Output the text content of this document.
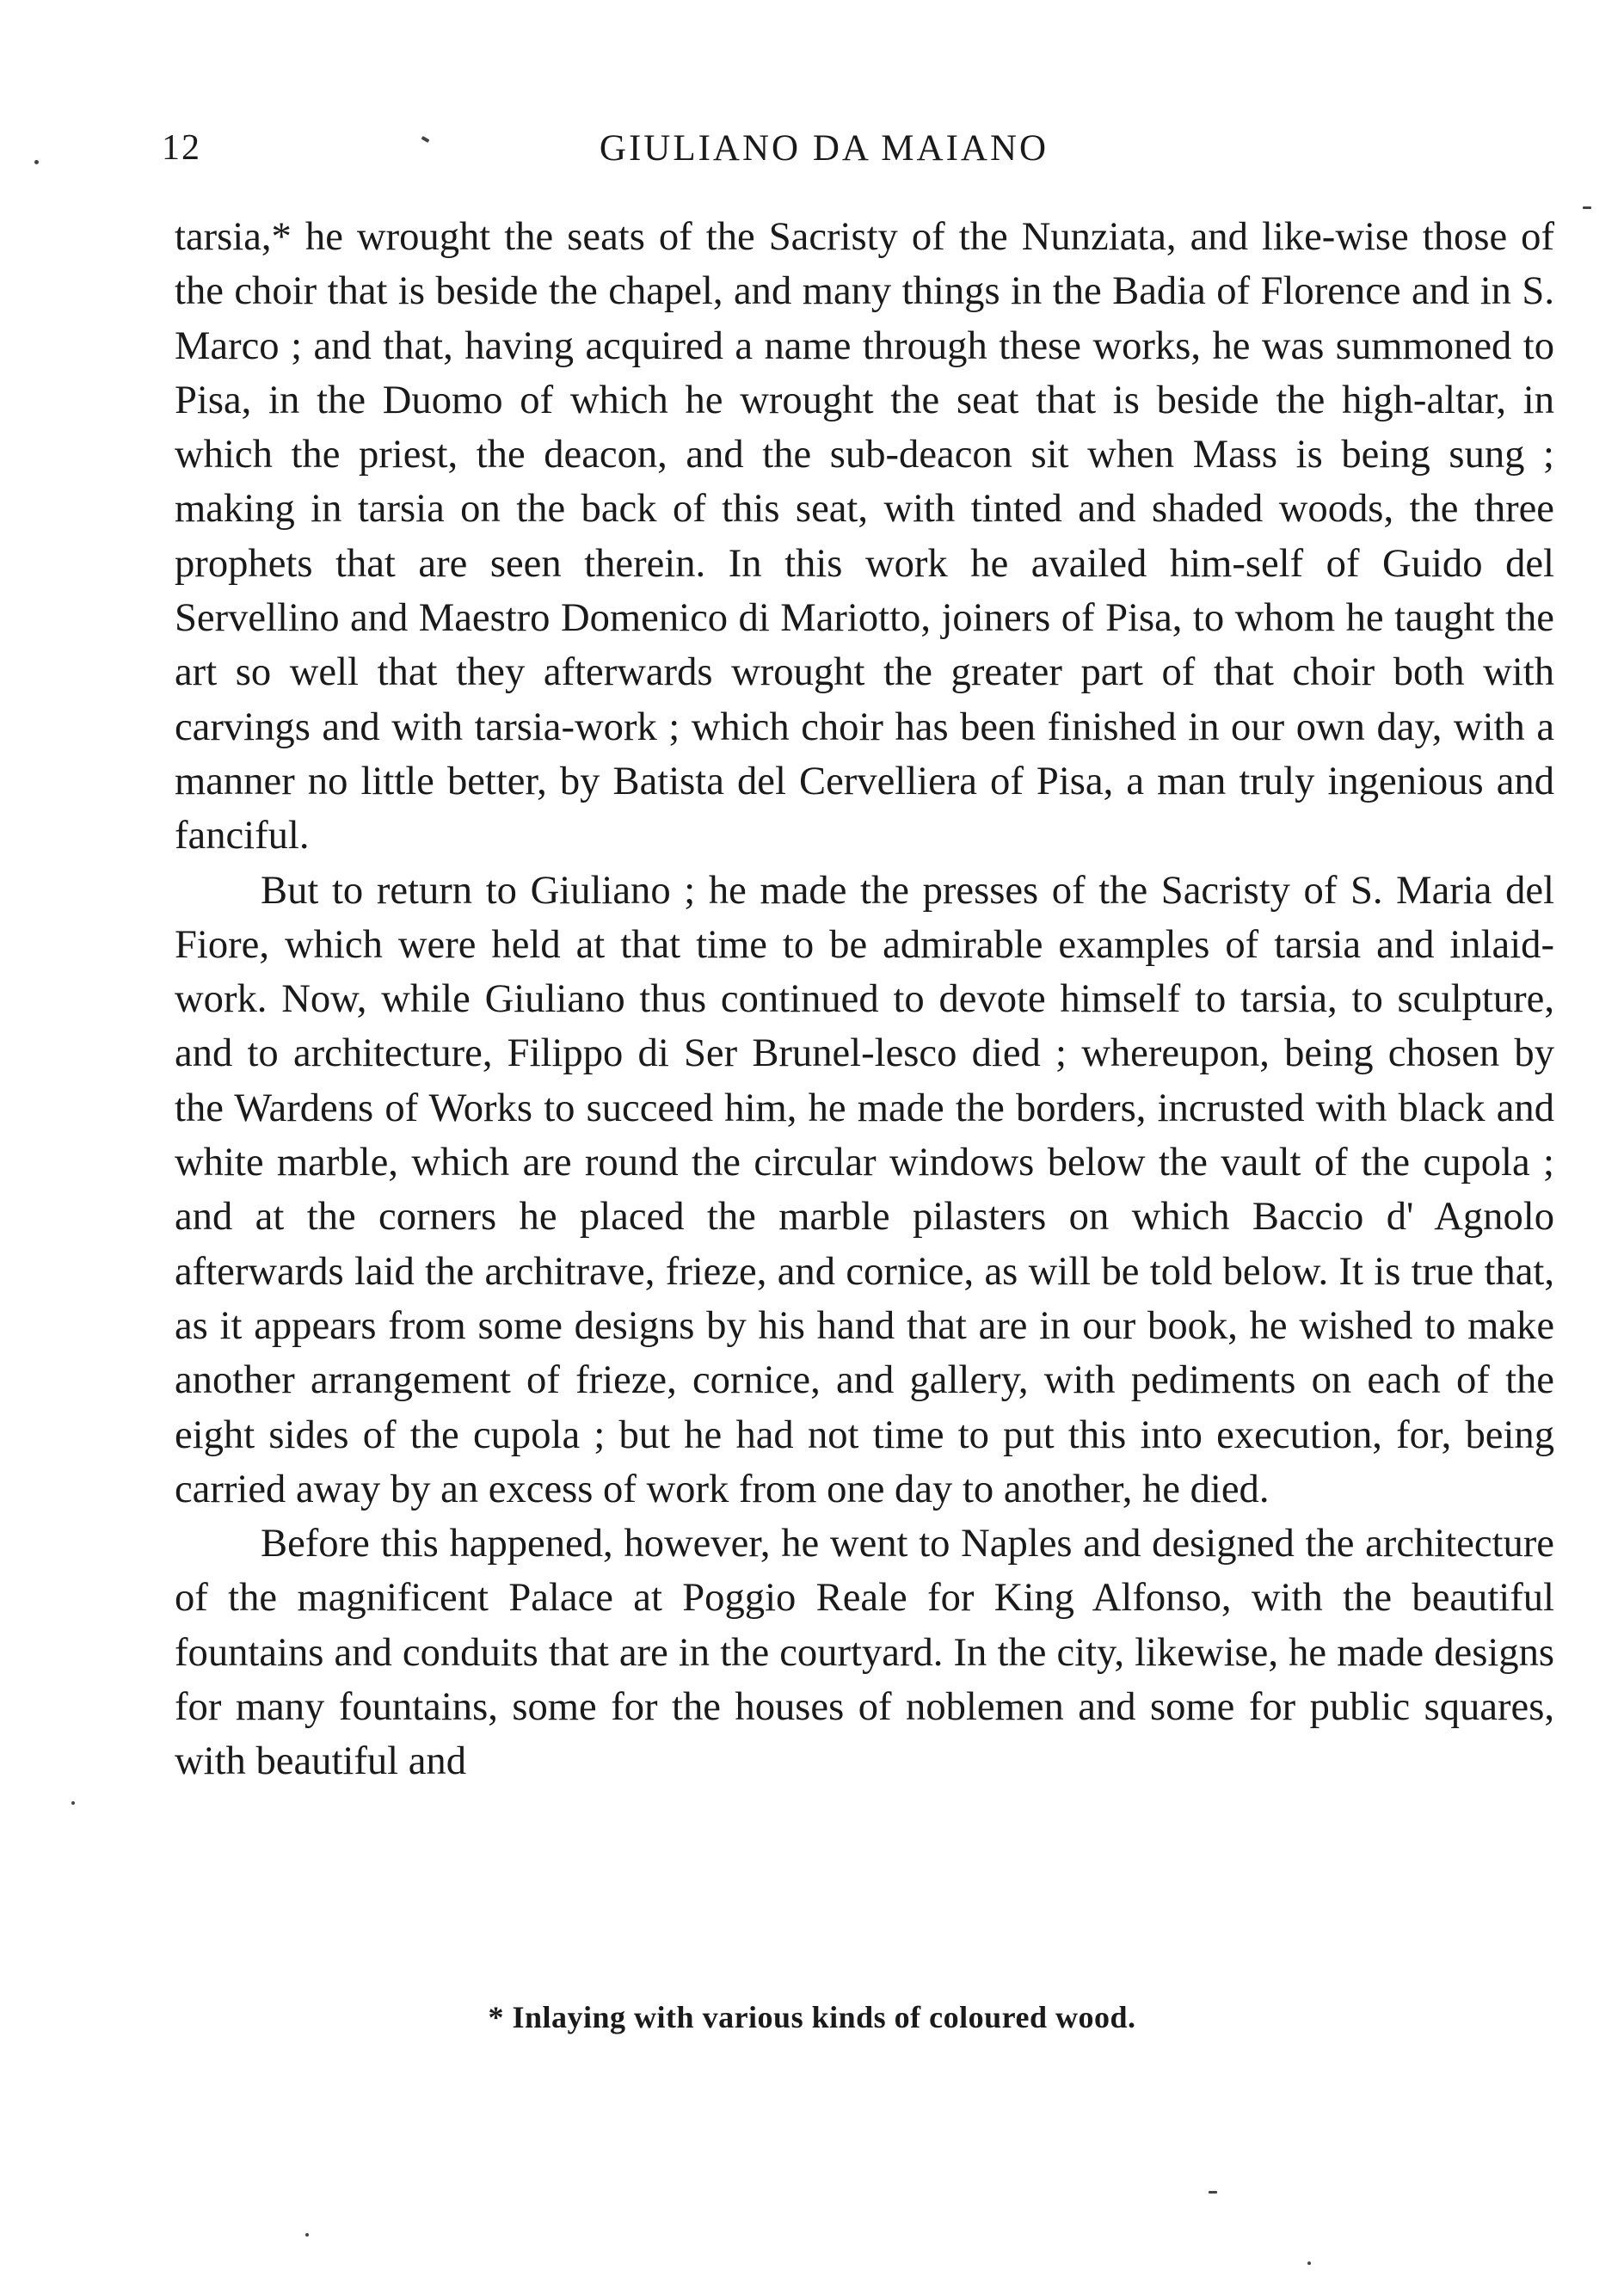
12	GIULIANO DA MAIANO

tarsia,* he wrought the seats of the Sacristy of the Nunziata, and like-wise those of the choir that is beside the chapel, and many things in the Badia of Florence and in S. Marco ; and that, having acquired a name through these works, he was summoned to Pisa, in the Duomo of which he wrought the seat that is beside the high-altar, in which the priest, the deacon, and the sub-deacon sit when Mass is being sung ; making in tarsia on the back of this seat, with tinted and shaded woods, the three prophets that are seen therein. In this work he availed him-self of Guido del Servellino and Maestro Domenico di Mariotto, joiners of Pisa, to whom he taught the art so well that they afterwards wrought the greater part of that choir both with carvings and with tarsia-work ; which choir has been finished in our own day, with a manner no little better, by Batista del Cervelliera of Pisa, a man truly ingenious and fanciful.

But to return to Giuliano ; he made the presses of the Sacristy of S. Maria del Fiore, which were held at that time to be admirable examples of tarsia and inlaid-work. Now, while Giuliano thus continued to devote himself to tarsia, to sculpture, and to architecture, Filippo di Ser Brunel-lesco died ; whereupon, being chosen by the Wardens of Works to succeed him, he made the borders, incrusted with black and white marble, which are round the circular windows below the vault of the cupola ; and at the corners he placed the marble pilasters on which Baccio d' Agnolo afterwards laid the architrave, frieze, and cornice, as will be told below. It is true that, as it appears from some designs by his hand that are in our book, he wished to make another arrangement of frieze, cornice, and gallery, with pediments on each of the eight sides of the cupola ; but he had not time to put this into execution, for, being carried away by an excess of work from one day to another, he died.

Before this happened, however, he went to Naples and designed the architecture of the magnificent Palace at Poggio Reale for King Alfonso, with the beautiful fountains and conduits that are in the courtyard. In the city, likewise, he made designs for many fountains, some for the houses of noblemen and some for public squares, with beautiful and

* Inlaying with various kinds of coloured wood.
